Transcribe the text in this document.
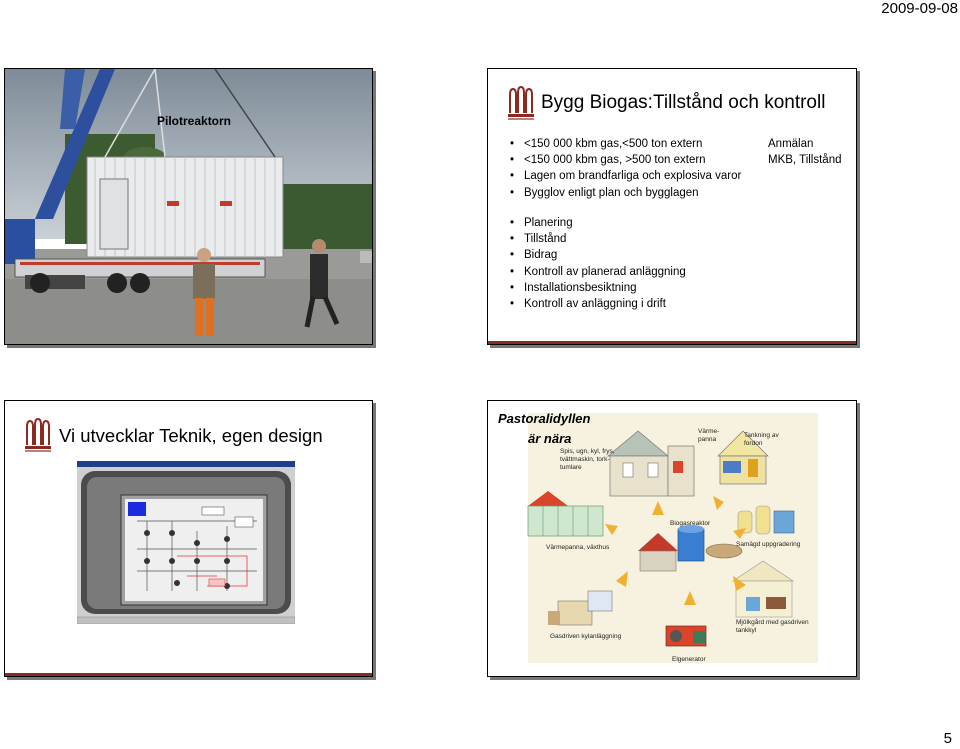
2009-09-08
Pilotreaktorn
Bygg Biogas:Tillstånd och kontroll
• <150 000 kbm gas,<500 ton extern
• <150 000 kbm gas, >500 ton extern
• Lagen om brandfarliga och explosiva varor
• Bygglov enligt plan och bygglagen
Anmälan
MKB, Tillstånd
• Planering
• Tillstånd
• Bidrag
• Kontroll av planerad anläggning
• Installationsbesiktning
• Kontroll av anläggning i drift
Vi utvecklar Teknik, egen design
Pastoralidyllen
är nära
Spis, ugn, kyl, frys,
tvättmaskin, tork-
tumlare
Värme-
panna
Tankning av
fordon
Värmepanna, växthus
Biogasreaktor
Samägd uppgradering
Gasdriven kylanläggning
Mjölkgård med gasdriven
tankkyl
Elgenerator
5
